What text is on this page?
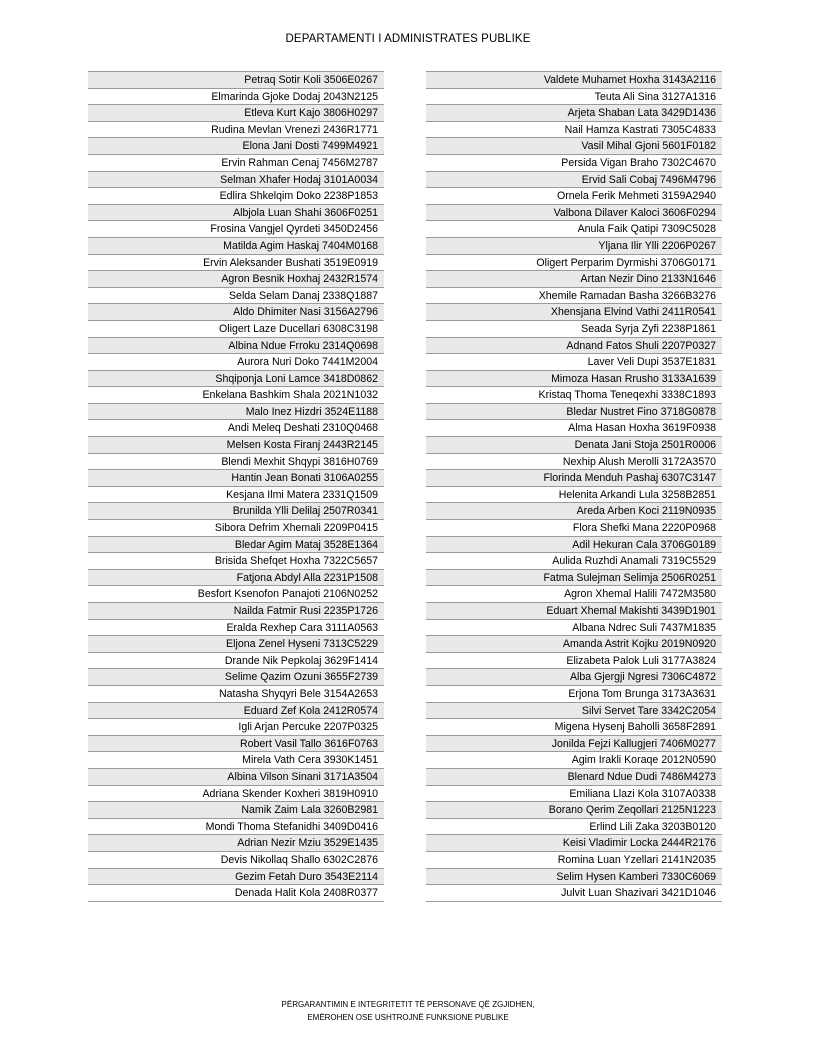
DEPARTAMENTI I ADMINISTRATES PUBLIKE
Petraq Sotir Koli 3506E0267
Elmarinda Gjoke Dodaj 2043N2125
Etleva Kurt Kajo 3806H0297
Rudina Mevlan Vrenezi 2436R1771
Elona Jani Dosti 7499M4921
Ervin Rahman Cenaj 7456M2787
Selman Xhafer Hodaj 3101A0034
Edlira Shkelqim Doko 2238P1853
Albjola Luan Shahi 3606F0251
Frosina Vangjel Qyrdeti 3450D2456
Matilda Agim Haskaj 7404M0168
Ervin Aleksander Bushati 3519E0919
Agron Besnik Hoxhaj 2432R1574
Selda Selam Danaj 2338Q1887
Aldo Dhimiter Nasi 3156A2796
Oligert Laze Ducellari 6308C3198
Albina Ndue Frroku 2314Q0698
Aurora Nuri Doko 7441M2004
Shqiponja Loni Lamce 3418D0862
Enkelana Bashkim Shala 2021N1032
Malo Inez Hizdri 3524E1188
Andi Meleq Deshati 2310Q0468
Melsen Kosta Firanj 2443R2145
Blendi Mexhit Shqypi 3816H0769
Hantin Jean Bonati 3106A0255
Kesjana Ilmi Matera 2331Q1509
Brunilda Ylli Delilaj 2507R0341
Sibora Defrim Xhemali 2209P0415
Bledar Agim Mataj 3528E1364
Brisida Shefqet Hoxha 7322C5657
Fatjona Abdyl Alla 2231P1508
Besfort Ksenofon Panajoti 2106N0252
Nailda Fatmir Rusi 2235P1726
Eralda Rexhep Cara 3111A0563
Eljona Zenel Hyseni 7313C5229
Drande Nik Pepkolaj 3629F1414
Selime Qazim Ozuni 3655F2739
Natasha Shyqyri Bele 3154A2653
Eduard Zef Kola 2412R0574
Igli Arjan Percuke 2207P0325
Robert Vasil Tallo 3616F0763
Mirela Vath Cera 3930K1451
Albina Vilson Sinani 3171A3504
Adriana Skender Koxheri 3819H0910
Namik Zaim Lala 3260B2981
Mondi Thoma Stefanidhi 3409D0416
Adrian Nezir Mziu 3529E1435
Devis Nikollaq Shallo 6302C2876
Gezim Fetah Duro 3543E2114
Denada Halit Kola 2408R0377
Valdete Muhamet Hoxha 3143A2116
Teuta Ali Sina 3127A1316
Arjeta Shaban Lata 3429D1436
Nail Hamza Kastrati 7305C4833
Vasil Mihal Gjoni 5601F0182
Persida Vigan Braho 7302C4670
Ervid Sali Cobaj 7496M4796
Ornela Ferik Mehmeti 3159A2940
Valbona Dilaver Kaloci 3606F0294
Anula Faik Qatipi 7309C5028
Yljana Ilir Ylli 2206P0267
Oligert Perparim Dyrmishi 3706G0171
Artan Nezir Dino 2133N1646
Xhemile Ramadan Basha 3266B3276
Xhensjana Elvind Vathi 2411R0541
Seada Syrja Zyfi 2238P1861
Adnand Fatos Shuli 2207P0327
Laver Veli Dupi 3537E1831
Mimoza Hasan Rrusho 3133A1639
Kristaq Thoma Teneqexhi 3338C1893
Bledar Nustret Fino 3718G0878
Alma Hasan Hoxha 3619F0938
Denata Jani Stoja 2501R0006
Nexhip Alush Merolli 3172A3570
Florinda Menduh Pashaj 6307C3147
Helenita Arkandi Lula 3258B2851
Areda Arben Koci 2119N0935
Flora Shefki Mana 2220P0968
Adil Hekuran Cala 3706G0189
Aulida Ruzhdi Anamali 7319C5529
Fatma Sulejman Selimja 2506R0251
Agron Xhemal Halili 7472M3580
Eduart Xhemal Makishti 3439D1901
Albana Ndrec Suli 7437M1835
Amanda Astrit Kojku 2019N0920
Elizabeta Palok Luli 3177A3824
Alba Gjergji Ngresi 7306C4872
Erjona Tom Brunga 3173A3631
Silvi Servet Tare 3342C2054
Migena Hysenj Baholli 3658F2891
Jonilda Fejzi Kallugjeri 7406M0277
Agim Irakli Koraqe 2012N0590
Blenard Ndue Dudi 7486M4273
Emiliana Llazi Kola 3107A0338
Borano Qerim Zeqollari 2125N1223
Erlind Lili Zaka 3203B0120
Keisi Vladimir Locka 2444R2176
Romina Luan Yzellari 2141N2035
Selim Hysen Kamberi 7330C6069
Julvit Luan Shazivari 3421D1046
PËRGARANTIMIN E INTEGRITETIT TË PERSONAVE QË ZGJIDHEN,
EMËROHEN OSE USHTROJNË FUNKSIONE PUBLIKE
